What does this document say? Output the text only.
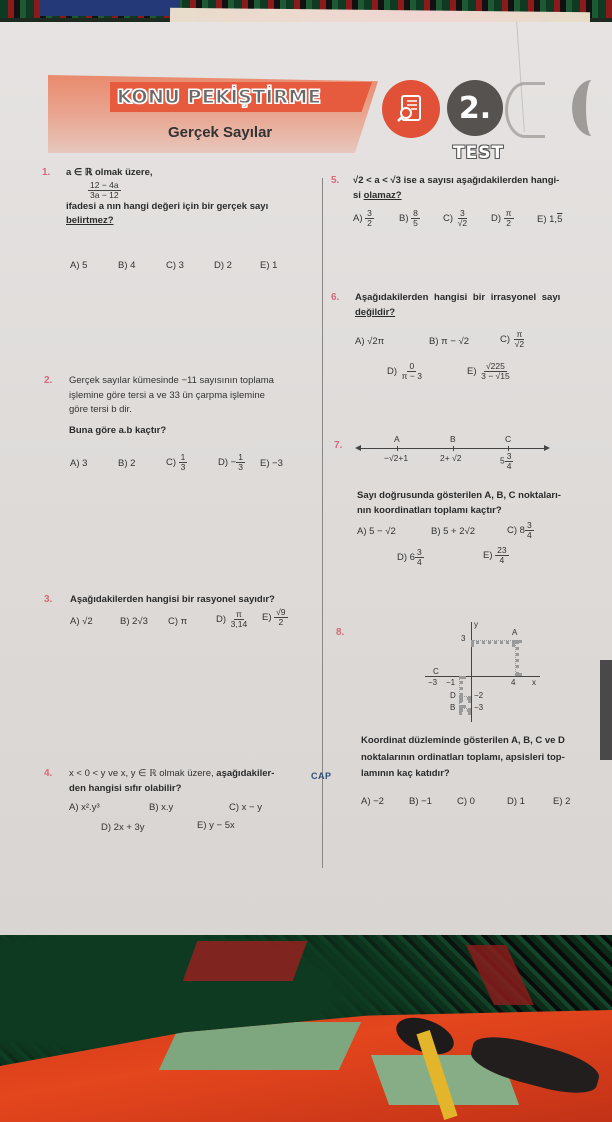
KONU PEKİŞTİRME
Gerçek Sayılar
2.
TEST
1. a ∈ ℝ olmak üzere,
$\frac{12 - 4a}{3a - 12}$
ifadesi a nın hangi değeri için bir gerçek sayı
belirtmez?
A) 5	B) 4	C) 3	D) 2	E) 1
2. Gerçek sayılar kümesinde −11 sayısının toplama
işlemine göre tersi a ve 33 ün çarpma işlemine
göre tersi b dir.
Buna göre a.b kaçtır?
A) 3	B) 2	$C) \frac{1}{3}$	$D) - \frac{1}{3} E) -3$
3. Aşağıdakilerden hangisi bir rasyonel sayıdır?
A) √2	B) 2√3 C) π	$D) \frac{\pi}{3,14} E) \frac{√9}{2}$
4. x < 0 < y ve x, y ∈ ℝ olmak üzere, aşağıdakiler-
den hangisi sıfır olabilir?
A) x².y³	B) x.y	C) x − y
D) 2x + 3y	E) y − 5x
CAP
5. √2 < a < √3 ise a sayısı aşağıdakilerden hangi-
si olamaz?
$A) \frac{3}{2}$	$B) \frac{8}{5} C) \frac{3}{√2} D) \frac{\pi}{2} E$) 1,5
6. Aşağıdakilerden hangisi bir irrasyonel sayı
değildir?
A) √2π	B) π − √2	$C) \frac{\pi}{√2}$
$D) \frac{0}{\pi - 3}$	$E) \frac{√225}{3 - √15}$
7.
A	B	C
−√2+1	2+ √2	$5 \frac{3}{4}$
Sayı doğrusunda gösterilen A, B, C noktaları-
nın koordinatları toplamı kaçtır?
A) 5 − √2	B) 5 + 2√2	C) $8 \frac{3}{4}$
D) $6 \frac{3}{4}$	$E) \frac{23}{4}$
8.
y
x
3
−2
−3
−3 −1	4
A
B
C
D
Koordinat düzleminde gösterilen A, B, C ve D
noktalarının ordinatları toplamı, apsisleri top-
lamının kaç katıdır?
A) −2	B) −1	C) 0	D) 1	E) 2
